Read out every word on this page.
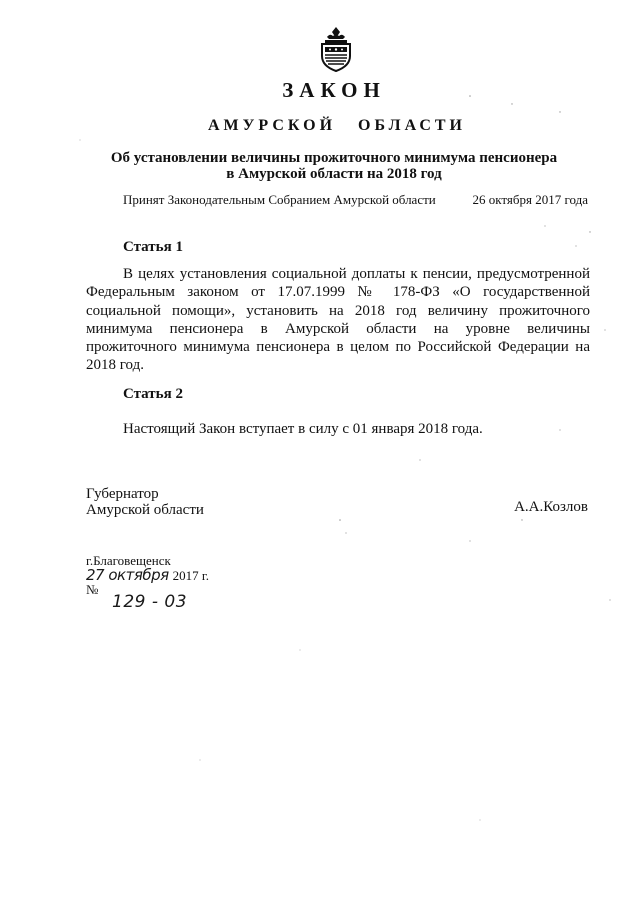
ЗАКОН
АМУРСКОЙ ОБЛАСТИ
Об установлении величины прожиточного минимума пенсионера
в Амурской области на 2018 год
Принят Законодательным Собранием Амурской области	26 октября 2017 года
Статья 1
В целях установления социальной доплаты к пенсии, предусмотренной Федеральным законом от 17.07.1999 № 178-ФЗ «О государственной социальной помощи», установить на 2018 год величину прожиточного минимума пенсионера в Амурской области на уровне величины прожиточного минимума пенсионера в целом по Российской Федерации на 2018 год.
Статья 2
Настоящий Закон вступает в силу с 01 января 2018 года.
Губернатор
Амурской области	А.А.Козлов
г.Благовещенск
27 октября 2017 г.
№
129 - 03
